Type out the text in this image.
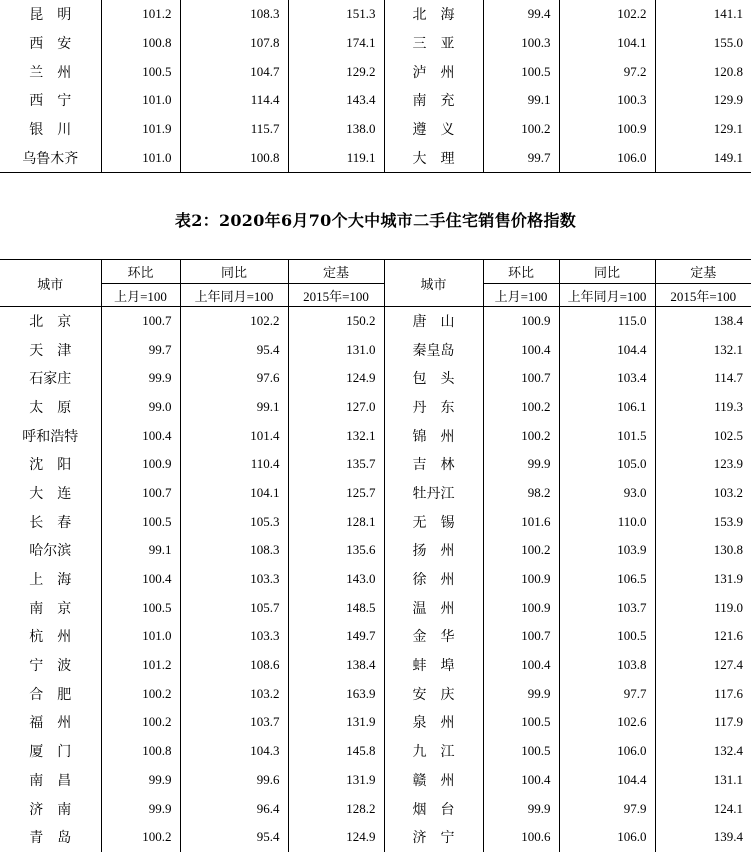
昆　明	101.2	108.3	151.3	北　海	99.4	102.2	141.1
西　安	100.8	107.8	174.1	三　亚	100.3	104.1	155.0
兰　州	100.5	104.7	129.2	泸　州	100.5	97.2	120.8
西　宁	101.0	114.4	143.4	南　充	99.1	100.3	129.9
银　川	101.9	115.7	138.0	遵　义	100.2	100.9	129.1
乌鲁木齐	101.0	100.8	119.1	大　理	99.7	106.0	149.1
表2：2020年6月70个大中城市二手住宅销售价格指数
城市	环比	同比	定基	城市	环比	同比	定基
	上月=100	上年同月=100	2015年=100		上月=100	上年同月=100	2015年=100
北　京	100.7	102.2	150.2	唐　山	100.9	115.0	138.4
天　津	99.7	95.4	131.0	秦皇岛	100.4	104.4	132.1
石家庄	99.9	97.6	124.9	包　头	100.7	103.4	114.7
太　原	99.0	99.1	127.0	丹　东	100.2	106.1	119.3
呼和浩特	100.4	101.4	132.1	锦　州	100.2	101.5	102.5
沈　阳	100.9	110.4	135.7	吉　林	99.9	105.0	123.9
大　连	100.7	104.1	125.7	牡丹江	98.2	93.0	103.2
长　春	100.5	105.3	128.1	无　锡	101.6	110.0	153.9
哈尔滨	99.1	108.3	135.6	扬　州	100.2	103.9	130.8
上　海	100.4	103.3	143.0	徐　州	100.9	106.5	131.9
南　京	100.5	105.7	148.5	温　州	100.9	103.7	119.0
杭　州	101.0	103.3	149.7	金　华	100.7	100.5	121.6
宁　波	101.2	108.6	138.4	蚌　埠	100.4	103.8	127.4
合　肥	100.2	103.2	163.9	安　庆	99.9	97.7	117.6
福　州	100.2	103.7	131.9	泉　州	100.5	102.6	117.9
厦　门	100.8	104.3	145.8	九　江	100.5	106.0	132.4
南　昌	99.9	99.6	131.9	赣　州	100.4	104.4	131.1
济　南	99.9	96.4	128.2	烟　台	99.9	97.9	124.1
青　岛	100.2	95.4	124.9	济　宁	100.6	106.0	139.4
